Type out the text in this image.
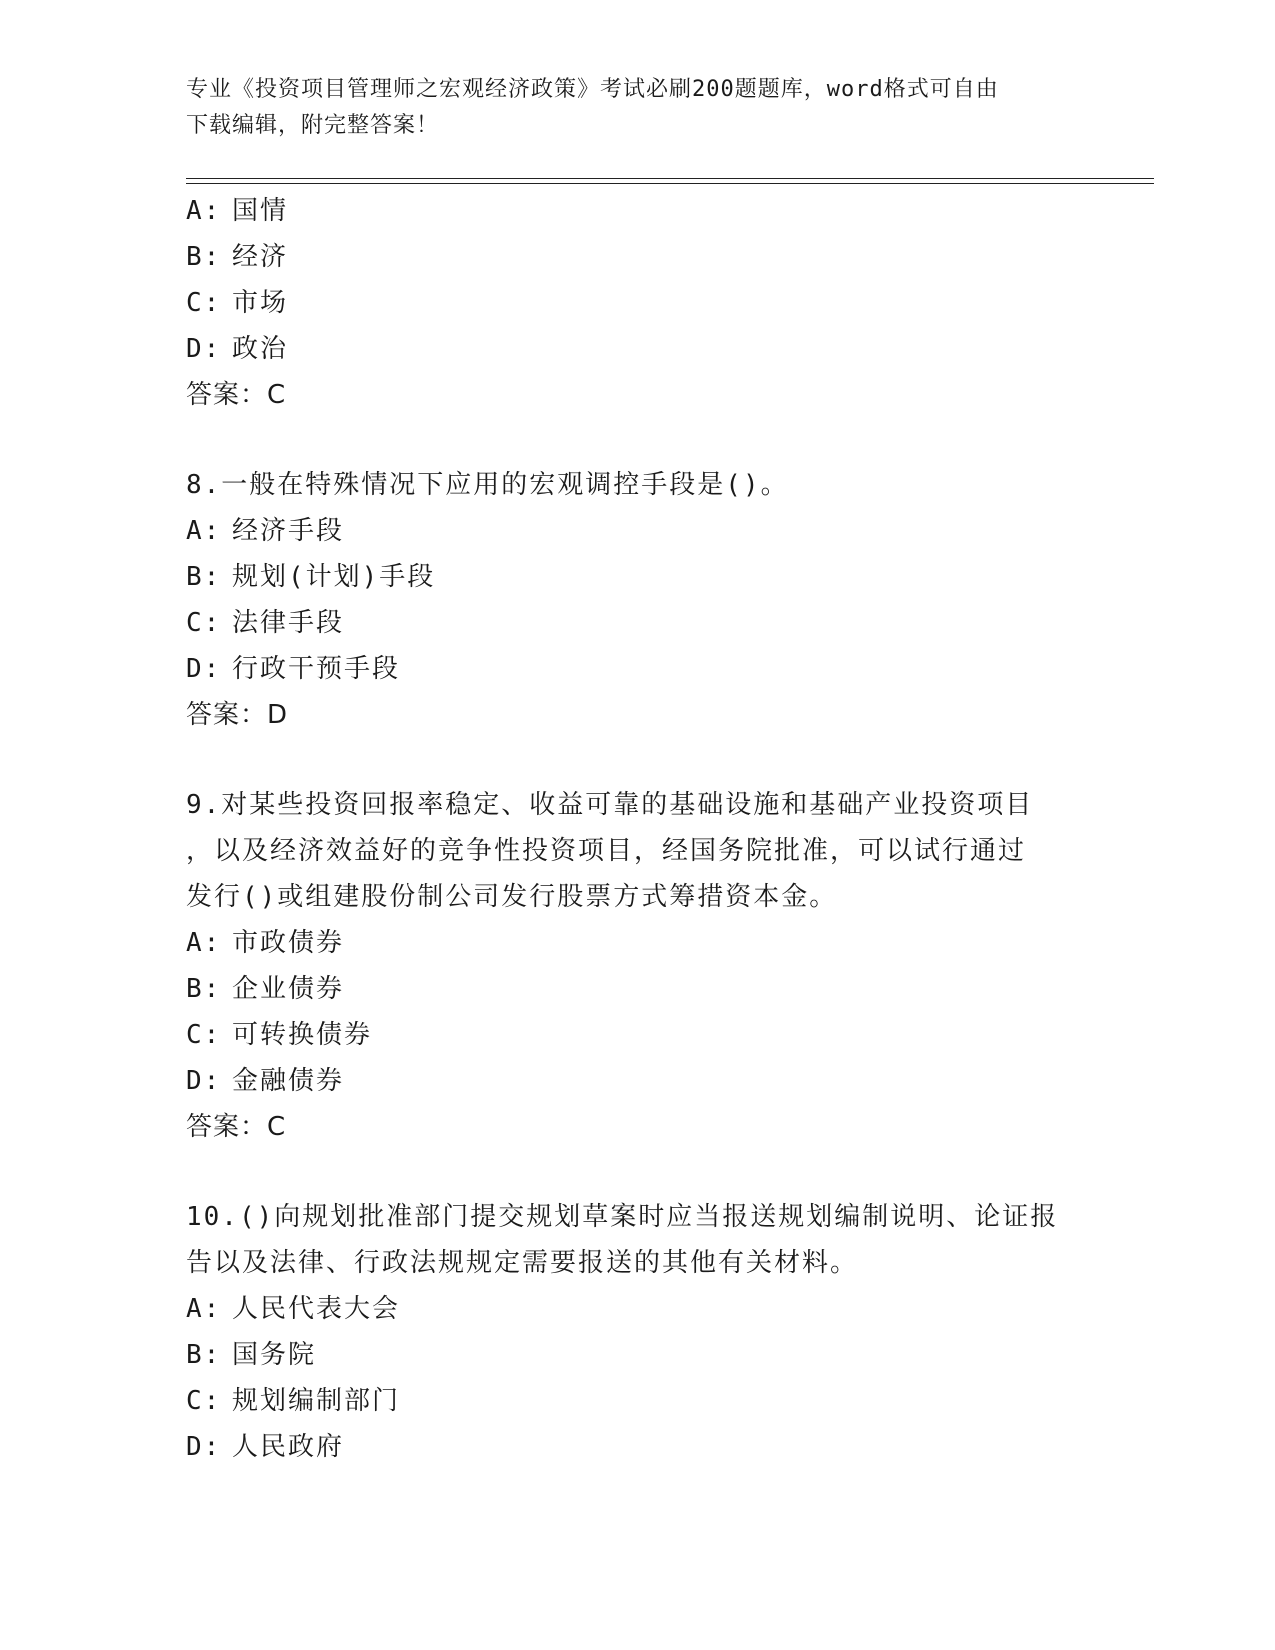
专业《投资项目管理师之宏观经济政策》考试必刷200题题库，word格式可自由
下载编辑，附完整答案！
A: 国情
B: 经济
C: 市场
D: 政治
答案：C
8.一般在特殊情况下应用的宏观调控手段是()。
A: 经济手段
B: 规划(计划)手段
C: 法律手段
D: 行政干预手段
答案：D
9.对某些投资回报率稳定、收益可靠的基础设施和基础产业投资项目
，以及经济效益好的竞争性投资项目，经国务院批准，可以试行通过
发行()或组建股份制公司发行股票方式筹措资本金。
A: 市政债券
B: 企业债券
C: 可转换债券
D: 金融债券
答案：C
10.()向规划批准部门提交规划草案时应当报送规划编制说明、论证报
告以及法律、行政法规规定需要报送的其他有关材料。
A: 人民代表大会
B: 国务院
C: 规划编制部门
D: 人民政府
